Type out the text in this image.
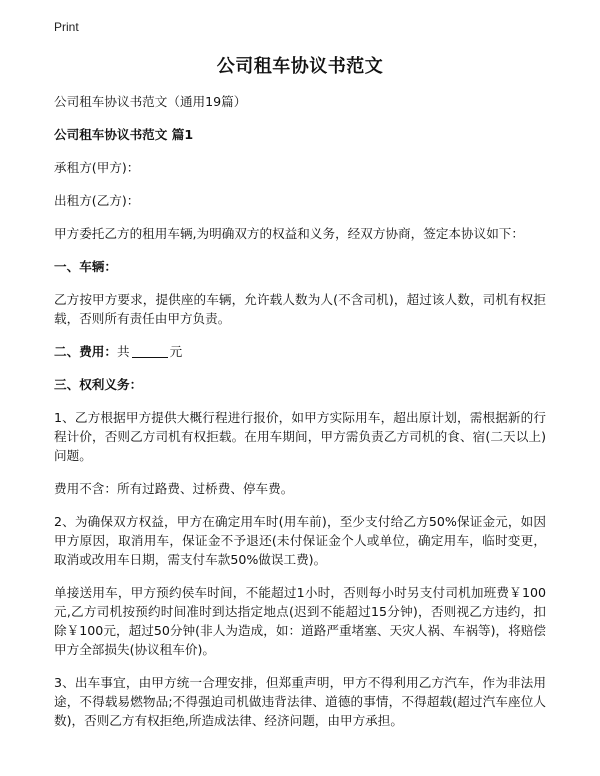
Print
公司租车协议书范文

公司租车协议书范文（通用19篇）

公司租车协议书范文 篇1

承租方(甲方)：

出租方(乙方)：

甲方委托乙方的租用车辆,为明确双方的权益和义务，经双方协商，签定本协议如下：

一、车辆：

乙方按甲方要求，提供座的车辆，允许载人数为人(不含司机)，超过该人数，司机有权拒载，否则所有责任由甲方负责。

二、费用：共	元

三、权利义务：

1、乙方根据甲方提供大概行程进行报价，如甲方实际用车，超出原计划，需根据新的行程计价，否则乙方司机有权拒载。在用车期间，甲方需负责乙方司机的食、宿(二天以上)问题。

费用不含：所有过路费、过桥费、停车费。

2、为确保双方权益，甲方在确定用车时(用车前)，至少支付给乙方50%保证金元，如因甲方原因，取消用车，保证金不予退还(未付保证金个人或单位，确定用车，临时变更，取消或改用车日期，需支付车款50%做误工费)。

单接送用车，甲方预约侯车时间，不能超过1小时，否则每小时另支付司机加班费￥100元,乙方司机按预约时间准时到达指定地点(迟到不能超过15分钟)，否则视乙方违约，扣除￥100元，超过50分钟(非人为造成，如：道路严重堵塞、天灾人祸、车祸等)，将赔偿甲方全部损失(协议租车价)。

3、出车事宜，由甲方统一合理安排，但郑重声明，甲方不得利用乙方汽车，作为非法用途，不得载易燃物品;不得强迫司机做违背法律、道德的事情，不得超载(超过汽车座位人数)，否则乙方有权拒绝,所造成法律、经济问题，由甲方承担。
